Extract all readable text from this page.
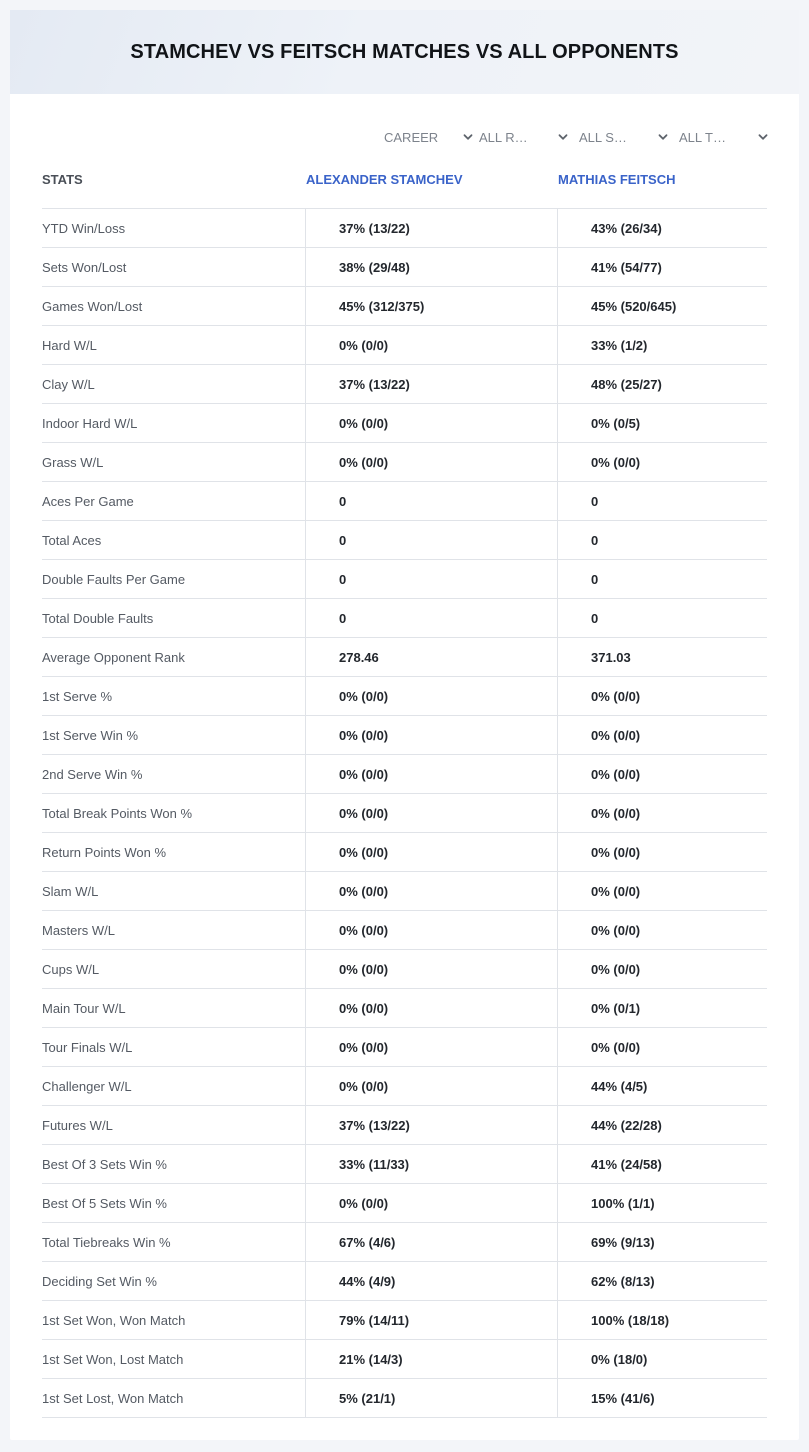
STAMCHEV VS FEITSCH MATCHES VS ALL OPPONENTS
CAREER	ALL R…	ALL S…	ALL T…
STATS	ALEXANDER STAMCHEV	MATHIAS FEITSCH
YTD Win/Loss	37% (13/22)	43% (26/34)
Sets Won/Lost	38% (29/48)	41% (54/77)
Games Won/Lost	45% (312/375)	45% (520/645)
Hard W/L	0% (0/0)	33% (1/2)
Clay W/L	37% (13/22)	48% (25/27)
Indoor Hard W/L	0% (0/0)	0% (0/5)
Grass W/L	0% (0/0)	0% (0/0)
Aces Per Game	0	0
Total Aces	0	0
Double Faults Per Game	0	0
Total Double Faults	0	0
Average Opponent Rank	278.46	371.03
1st Serve %	0% (0/0)	0% (0/0)
1st Serve Win %	0% (0/0)	0% (0/0)
2nd Serve Win %	0% (0/0)	0% (0/0)
Total Break Points Won %	0% (0/0)	0% (0/0)
Return Points Won %	0% (0/0)	0% (0/0)
Slam W/L	0% (0/0)	0% (0/0)
Masters W/L	0% (0/0)	0% (0/0)
Cups W/L	0% (0/0)	0% (0/0)
Main Tour W/L	0% (0/0)	0% (0/1)
Tour Finals W/L	0% (0/0)	0% (0/0)
Challenger W/L	0% (0/0)	44% (4/5)
Futures W/L	37% (13/22)	44% (22/28)
Best Of 3 Sets Win %	33% (11/33)	41% (24/58)
Best Of 5 Sets Win %	0% (0/0)	100% (1/1)
Total Tiebreaks Win %	67% (4/6)	69% (9/13)
Deciding Set Win %	44% (4/9)	62% (8/13)
1st Set Won, Won Match	79% (14/11)	100% (18/18)
1st Set Won, Lost Match	21% (14/3)	0% (18/0)
1st Set Lost, Won Match	5% (21/1)	15% (41/6)
